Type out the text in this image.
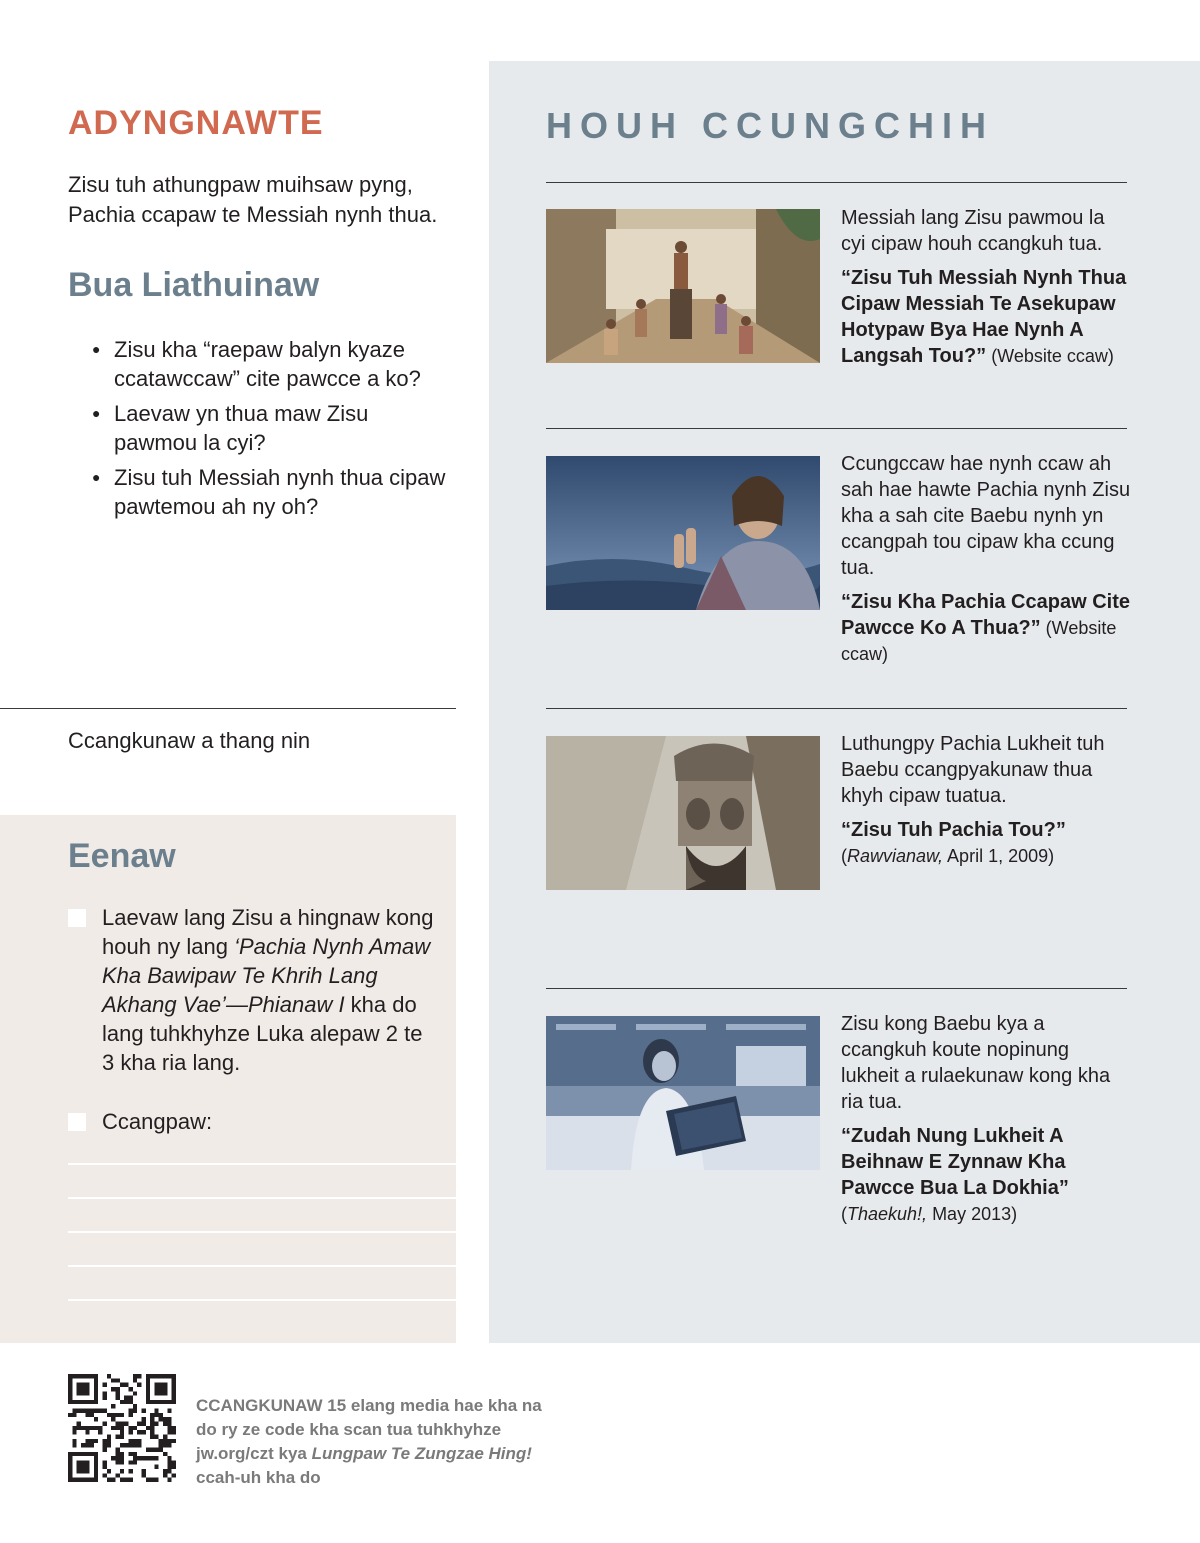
ADYNGNAWTE
Zisu tuh athungpaw muihsaw pyng, Pachia ccapaw te Messiah nynh thua.
Bua Liathuinaw
● Zisu kha “raepaw balyn kyaze ccatawccaw” cite pawcce a ko?
● Laevaw yn thua maw Zisu pawmou la cyi?
● Zisu tuh Messiah nynh thua cipaw pawtemou ah ny oh?
Ccangkunaw a thang nin
Eenaw
Laevaw lang Zisu a hingnaw kong houh ny lang ‘Pachia Nynh Amaw Kha Bawipaw Te Khrih Lang Akhang Vae’—Phianaw I kha do lang tuhkhyhze Luka alepaw 2 te 3 kha ria lang.
Ccangpaw:
HOUH CCUNGCHIH

Messiah lang Zisu pawmou la cyi cipaw houh ccangkuh tua.

“Zisu Tuh Messiah Nynh Thua Cipaw Messiah Te Asekupaw Hotypaw Bya Hae Nynh A Langsah Tou?” (Website ccaw)

Ccungccaw hae nynh ccaw ah sah hae hawte Pachia nynh Zisu kha a sah cite Baebu nynh yn ccangpah tou cipaw kha ccung tua.

“Zisu Kha Pachia Ccapaw Cite Pawcce Ko A Thua?” (Website ccaw)

Luthungpy Pachia Lukheit tuh Baebu ccangpyakunaw thua khyh cipaw tuatua.

“Zisu Tuh Pachia Tou?”
(Rawvianaw, April 1, 2009)

Zisu kong Baebu kya a ccangkuh koute nopinung lukheit a rulaekunaw kong kha ria tua.

“Zudah Nung Lukheit A Beihnaw E Zynnaw Kha Pawcce Bua La Dokhia”
(Thaekuh!, May 2013)

CCANGKUNAW 15 elang media hae kha na do ry ze code kha scan tua tuhkhyhze jw.org/czt kya Lungpaw Te Zungzae Hing! ccah-uh kha do
